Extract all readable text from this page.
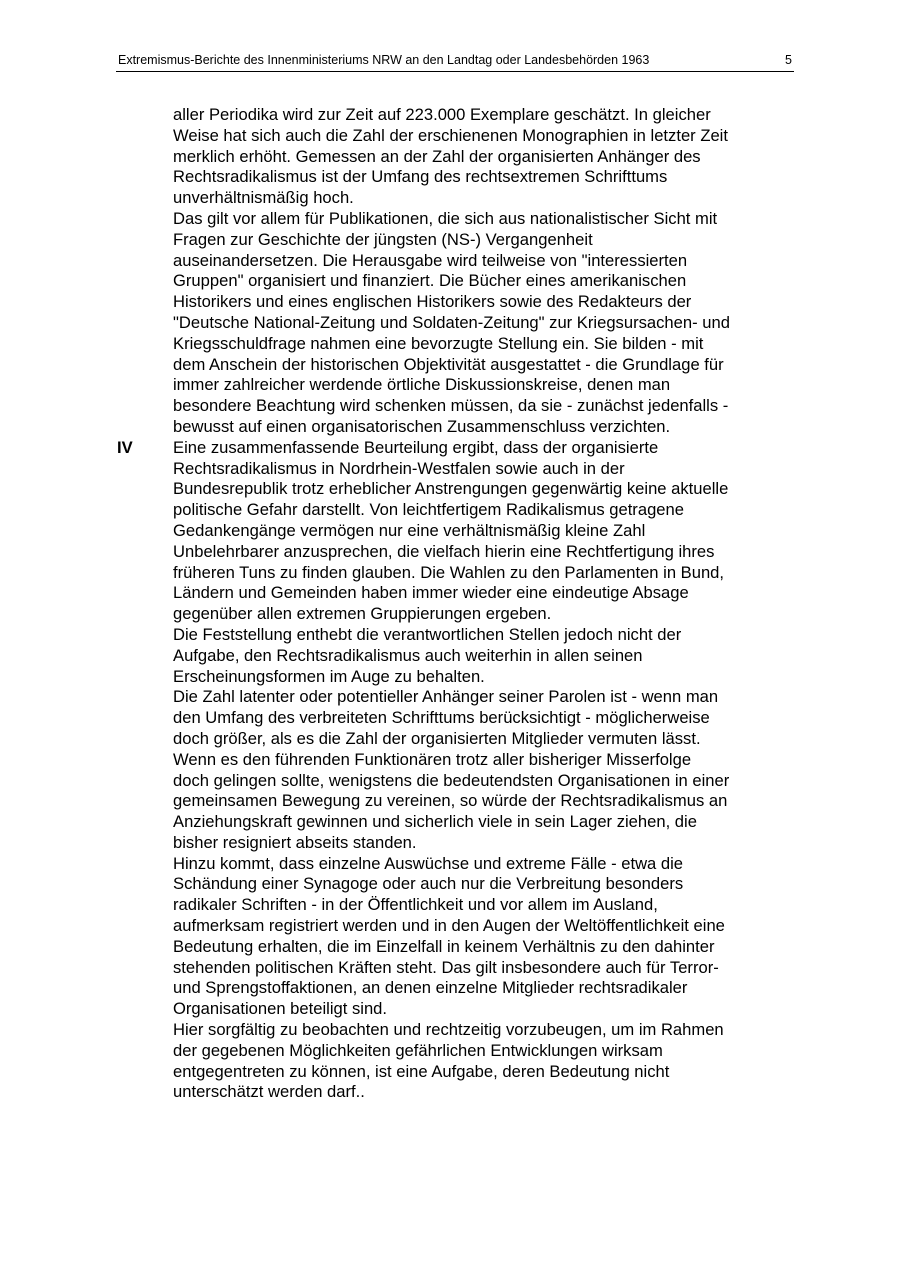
Extremismus-Berichte des Innenministeriums NRW an den Landtag oder Landesbehörden 1963	5
aller Periodika wird zur Zeit auf 223.000 Exemplare geschätzt. In gleicher
Weise hat sich auch die Zahl der erschienenen Monographien in letzter Zeit
merklich erhöht. Gemessen an der Zahl der organisierten Anhänger des
Rechtsradikalismus ist der Umfang des rechtsextremen Schrifttums
unverhältnismäßig hoch.
Das gilt vor allem für Publikationen, die sich aus nationalistischer Sicht mit
Fragen zur Geschichte der jüngsten (NS-) Vergangenheit
auseinandersetzen. Die Herausgabe wird teilweise von "interessierten
Gruppen" organisiert und finanziert. Die Bücher eines amerikanischen
Historikers und eines englischen Historikers sowie des Redakteurs der
"Deutsche National-Zeitung und Soldaten-Zeitung" zur Kriegsursachen- und
Kriegsschuldfrage nahmen eine bevorzugte Stellung ein. Sie bilden - mit
dem Anschein der historischen Objektivität ausgestattet - die Grundlage für
immer zahlreicher werdende örtliche Diskussionskreise, denen man
besondere Beachtung wird schenken müssen, da sie - zunächst jedenfalls -
bewusst auf einen organisatorischen Zusammenschluss verzichten.
IV Eine zusammenfassende Beurteilung ergibt, dass der organisierte
Rechtsradikalismus in Nordrhein-Westfalen sowie auch in der
Bundesrepublik trotz erheblicher Anstrengungen gegenwärtig keine aktuelle
politische Gefahr darstellt. Von leichtfertigem Radikalismus getragene
Gedankengänge vermögen nur eine verhältnismäßig kleine Zahl
Unbelehrbarer anzusprechen, die vielfach hierin eine Rechtfertigung ihres
früheren Tuns zu finden glauben. Die Wahlen zu den Parlamenten in Bund,
Ländern und Gemeinden haben immer wieder eine eindeutige Absage
gegenüber allen extremen Gruppierungen ergeben.
Die Feststellung enthebt die verantwortlichen Stellen jedoch nicht der
Aufgabe, den Rechtsradikalismus auch weiterhin in allen seinen
Erscheinungsformen im Auge zu behalten.
Die Zahl latenter oder potentieller Anhänger seiner Parolen ist - wenn man
den Umfang des verbreiteten Schrifttums berücksichtigt - möglicherweise
doch größer, als es die Zahl der organisierten Mitglieder vermuten lässt.
Wenn es den führenden Funktionären trotz aller bisheriger Misserfolge
doch gelingen sollte, wenigstens die bedeutendsten Organisationen in einer
gemeinsamen Bewegung zu vereinen, so würde der Rechtsradikalismus an
Anziehungskraft gewinnen und sicherlich viele in sein Lager ziehen, die
bisher resigniert abseits standen.
Hinzu kommt, dass einzelne Auswüchse und extreme Fälle - etwa die
Schändung einer Synagoge oder auch nur die Verbreitung besonders
radikaler Schriften - in der Öffentlichkeit und vor allem im Ausland,
aufmerksam registriert werden und in den Augen der Weltöffentlichkeit eine
Bedeutung erhalten, die im Einzelfall in keinem Verhältnis zu den dahinter
stehenden politischen Kräften steht. Das gilt insbesondere auch für Terror-
und Sprengstoffaktionen, an denen einzelne Mitglieder rechtsradikaler
Organisationen beteiligt sind.
Hier sorgfältig zu beobachten und rechtzeitig vorzubeugen, um im Rahmen
der gegebenen Möglichkeiten gefährlichen Entwicklungen wirksam
entgegentreten zu können, ist eine Aufgabe, deren Bedeutung nicht
unterschätzt werden darf..
